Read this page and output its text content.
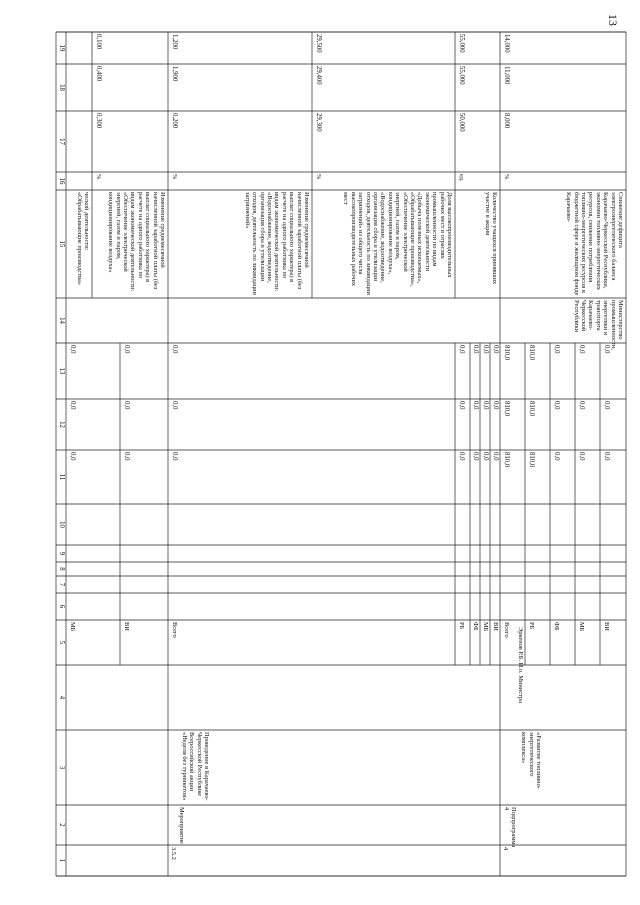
13
1
2
3
4
5
6
7
8
9
10
11
12
13
14
15
16
17
18
19
МБ
0,0
0,0
0,0
ВИ
0,0
0,0
0,0
ческой деятельности: «Обрабатывающие производства»	Изменение среднемесячной начисленной заработной платы (без выплат социального характера) в расчете на одного работника по видам экономической деятельности: «Обеспечение электрической энергией, газом и паром, кондиционирование воздуха»
%
0,300
0,400
0,100
3.5.2
Мероприятие
Проведение в Карачаево-Черкесской Республике Всероссийской акции «Неделя без турникетов»
Всего
0,0
0,0
0,0
РБ
0,0
0,0
0,0
ФБ
0,0
0,0
0,0
МБ
0,0
0,0
0,0
ВИ
0,0
0,0
0,0
Изменение среднемесячной начисленной заработной платы (без выплат социального характера) в расчете на одного работника по видам экономической деятельности: «Водоснабжение, водоотведение, организация сбора и утилизации отходов, деятельность по ликвидации загрязнений»
%
0,200
1,900
1,200
Доля высокопроизводительных рабочих мест в отраслях промышленности по видам экономической деятельности «Добыча полезных ископаемых», «Обрабатывающие производства», «Обеспечение электрической энергией, газом и паром, кондиционирование воздуха», «Водоснабжение, водоотведение, организация сбора и утилизации отходов, деятельность по ликвидации загрязнений» из общего числа высокопроизводительных рабочих мест
%
29,300
29,400
29,500
Количество учащихся принявших участие в акции
ед.
50,000
55,000
55,000
4
Подпрограмма 4
«Развитие топливно-энергетического комплекса»
Эркенов Р.Б. И.о. Министра
Министерство промышленности, энергетики и транспорта Карачаево-Черкесской Республики
Всего
810,0
810,0
810,0
РБ
810,0
810,0
810,0
ФБ
0,0
0,0
0,0
МБ
0,0
0,0
0,0
ВИ
0,0
0,0
0,0
Снижение дефицита электроэнергетического баланса Карачаево-Черкесской Республики, экономии топливно-энергетических ресурсов, снижение потребления топливно-энергетических ресурсов в бюджетной сфере и жилищном фонде Карачаево-
%
8,000
11,000
14,000
